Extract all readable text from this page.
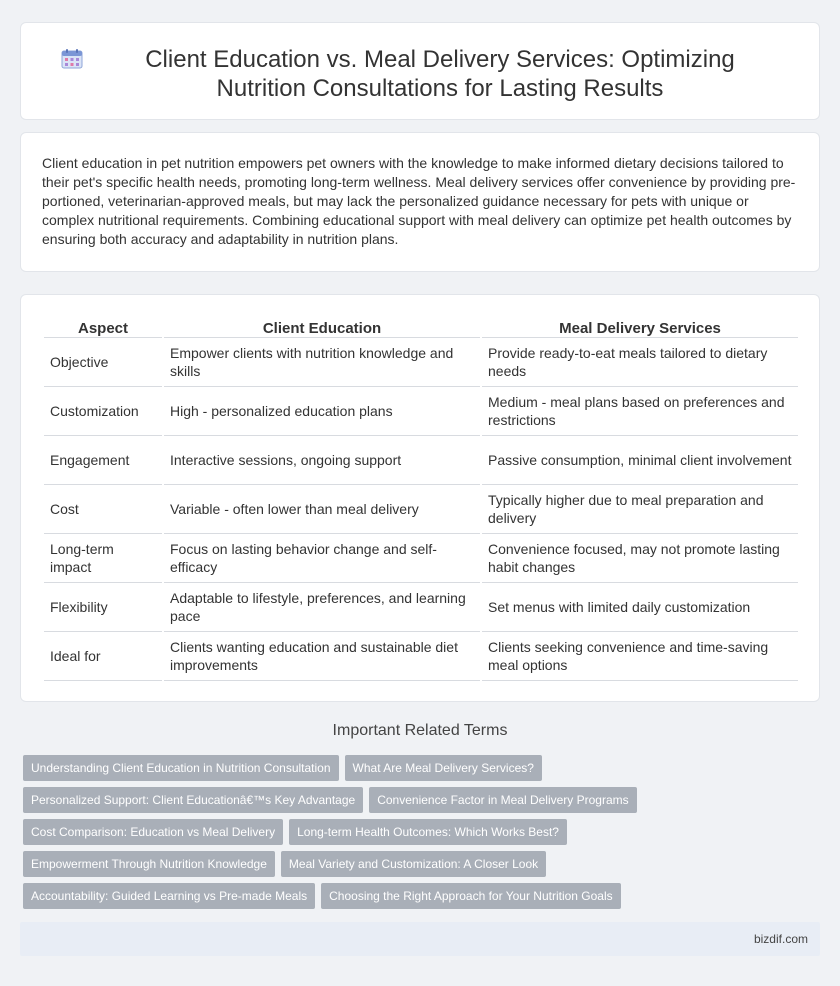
Client Education vs. Meal Delivery Services: Optimizing Nutrition Consultations for Lasting Results

Client education in pet nutrition empowers pet owners with the knowledge to make informed dietary decisions tailored to their pet's specific health needs, promoting long-term wellness. Meal delivery services offer convenience by providing pre-portioned, veterinarian-approved meals, but may lack the personalized guidance necessary for pets with unique or complex nutritional requirements. Combining educational support with meal delivery can optimize pet health outcomes by ensuring both accuracy and adaptability in nutrition plans.

Aspect	Client Education	Meal Delivery Services
Objective	Empower clients with nutrition knowledge and skills	Provide ready-to-eat meals tailored to dietary needs
Customization	High - personalized education plans	Medium - meal plans based on preferences and restrictions
Engagement	Interactive sessions, ongoing support	Passive consumption, minimal client involvement
Cost	Variable - often lower than meal delivery	Typically higher due to meal preparation and delivery
Long-term impact	Focus on lasting behavior change and self-efficacy	Convenience focused, may not promote lasting habit changes
Flexibility	Adaptable to lifestyle, preferences, and learning pace	Set menus with limited daily customization
Ideal for	Clients wanting education and sustainable diet improvements	Clients seeking convenience and time-saving meal options
Important Related Terms
Understanding Client Education in Nutrition Consultation	What Are Meal Delivery Services?
Personalized Support: Client Educationâ€™s Key Advantage	Convenience Factor in Meal Delivery Programs
Cost Comparison: Education vs Meal Delivery	Long-term Health Outcomes: Which Works Best?
Empowerment Through Nutrition Knowledge	Meal Variety and Customization: A Closer Look
Accountability: Guided Learning vs Pre-made Meals	Choosing the Right Approach for Your Nutrition Goals
bizdif.com
